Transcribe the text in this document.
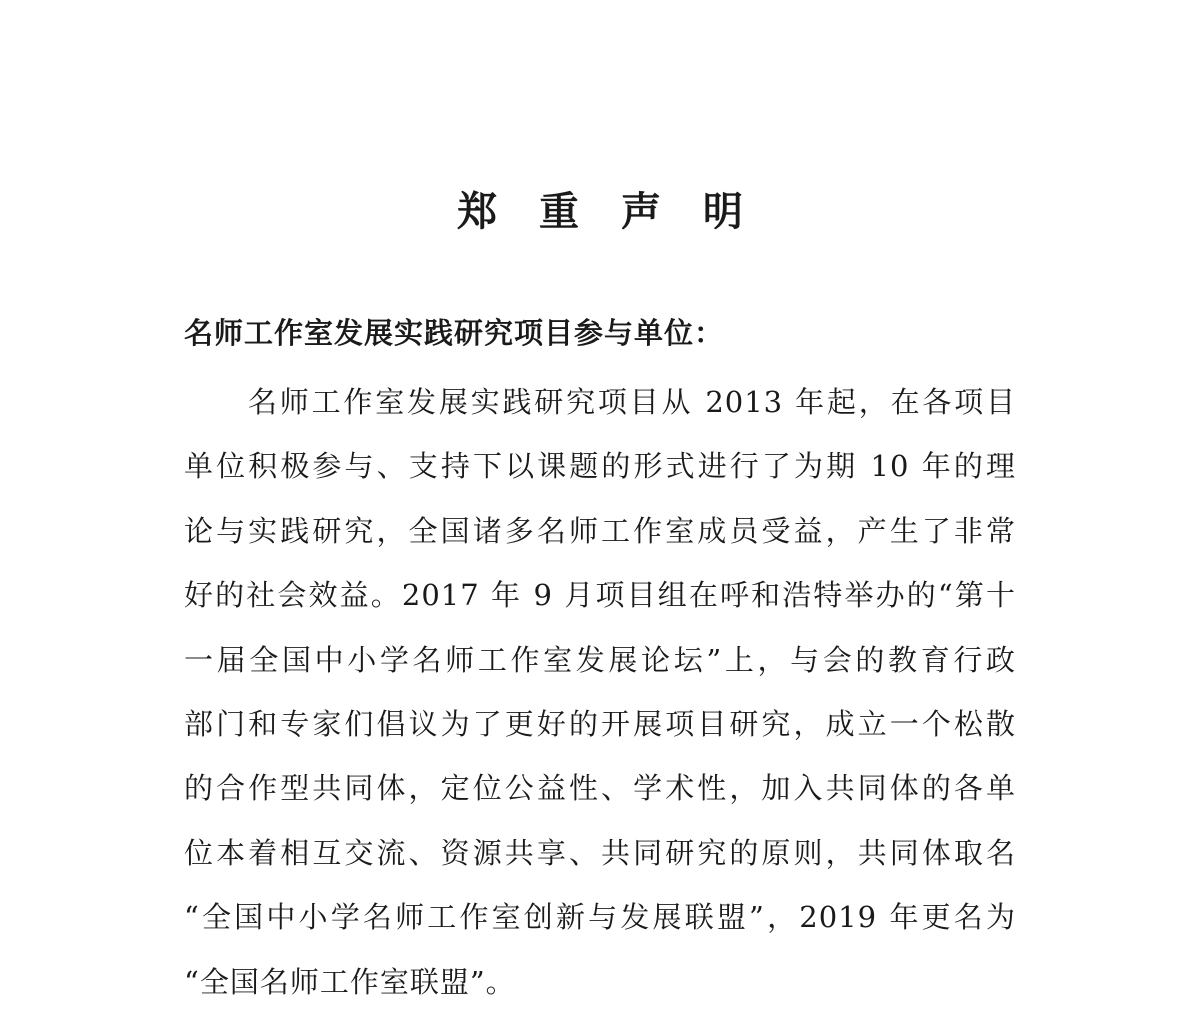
郑 重 声 明
名师工作室发展实践研究项目参与单位：
名师工作室发展实践研究项目从 2013 年起，在各项目
单位积极参与、支持下以课题的形式进行了为期 10 年的理
论与实践研究，全国诸多名师工作室成员受益，产生了非常
好的社会效益。2017 年 9 月项目组在呼和浩特举办的“第十
一届全国中小学名师工作室发展论坛”上，与会的教育行政
部门和专家们倡议为了更好的开展项目研究，成立一个松散
的合作型共同体，定位公益性、学术性，加入共同体的各单
位本着相互交流、资源共享、共同研究的原则，共同体取名
“全国中小学名师工作室创新与发展联盟”，2019 年更名为
“全国名师工作室联盟”。
